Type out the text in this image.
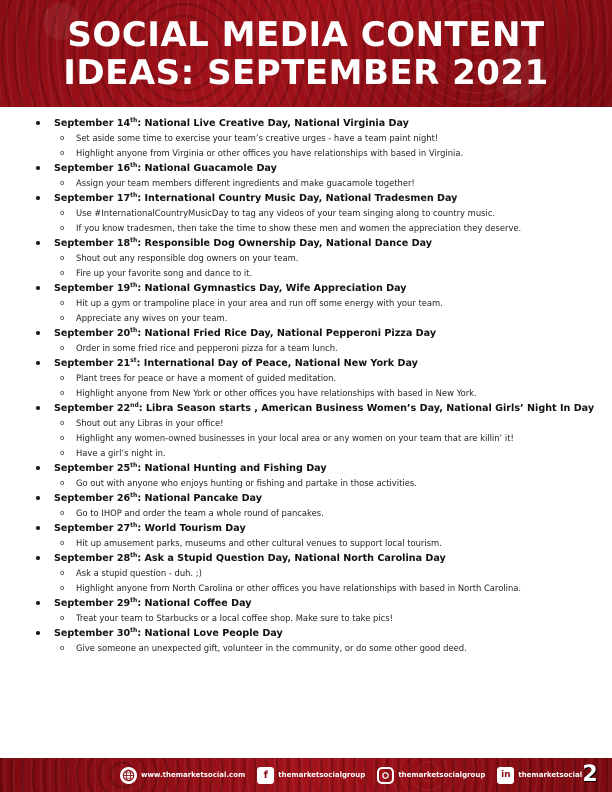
SOCIAL MEDIA CONTENT
IDEAS: SEPTEMBER 2021
September 14th: National Live Creative Day, National Virginia Day
o Set aside some time to exercise your team’s creative urges - have a team paint night!
o Highlight anyone from Virginia or other offices you have relationships with based in Virginia.
September 16th: National Guacamole Day
o Assign your team members different ingredients and make guacamole together!
September 17th: International Country Music Day, National Tradesmen Day
o Use #InternationalCountryMusicDay to tag any videos of your team singing along to country music.
o If you know tradesmen, then take the time to show these men and women the appreciation they deserve.
September 18th: Responsible Dog Ownership Day, National Dance Day
o Shout out any responsible dog owners on your team.
o Fire up your favorite song and dance to it.
September 19th: National Gymnastics Day, Wife Appreciation Day
o Hit up a gym or trampoline place in your area and run off some energy with your team.
o Appreciate any wives on your team.
September 20th: National Fried Rice Day, National Pepperoni Pizza Day
o Order in some fried rice and pepperoni pizza for a team lunch.
September 21st: International Day of Peace, National New York Day
o Plant trees for peace or have a moment of guided meditation.
o Highlight anyone from New York or other offices you have relationships with based in New York.
September 22nd: Libra Season starts , American Business Women’s Day, National Girls’ Night In Day
o Shout out any Libras in your office!
o Highlight any women-owned businesses in your local area or any women on your team that are killin’ it!
o Have a girl’s night in.
September 25th: National Hunting and Fishing Day
o Go out with anyone who enjoys hunting or fishing and partake in those activities.
September 26th: National Pancake Day
o Go to IHOP and order the team a whole round of pancakes.
September 27th: World Tourism Day
o Hit up amusement parks, museums and other cultural venues to support local tourism.
September 28th: Ask a Stupid Question Day, National North Carolina Day
o Ask a stupid question - duh. ;)
o Highlight anyone from North Carolina or other offices you have relationships with based in North Carolina.
September 29th: National Coffee Day
o Treat your team to Starbucks or a local coffee shop. Make sure to take pics!
September 30th: National Love People Day
o Give someone an unexpected gift, volunteer in the community, or do some other good deed.
www.themarketsocial.com	f	themarketsocialgroup	themarketsocialgroup	in	themarketsocial 2
